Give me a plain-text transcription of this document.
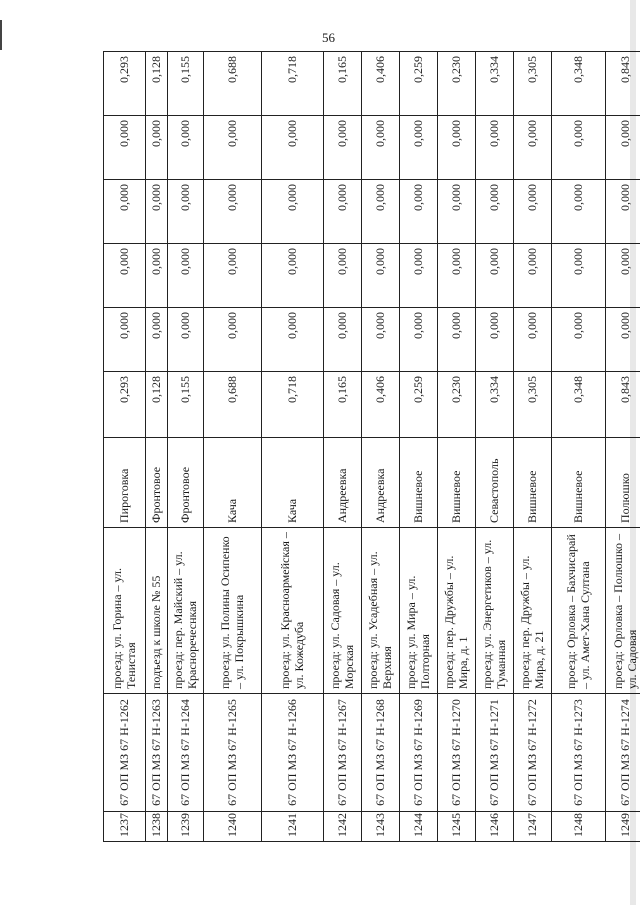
56
1237	67 ОП МЗ 67 Н-1262	проезд: ул. Горина – ул. Тенистая	Пироговка	0,293	0,000	0,000	0,000	0,000	0,293
1238	67 ОП МЗ 67 Н-1263	подъезд к школе № 55	Фронтовое	0,128	0,000	0,000	0,000	0,000	0,128
1239	67 ОП МЗ 67 Н-1264	проезд: пер. Майский – ул. Красноречеснкая	Фронтовое	0,155	0,000	0,000	0,000	0,000	0,155
1240	67 ОП МЗ 67 Н-1265	проезд: ул. Полины Осипенко – ул. Покрышкина	Кача	0,688	0,000	0,000	0,000	0,000	0,688
1241	67 ОП МЗ 67 Н-1266	проезд: ул. Красноармейская – ул. Кожедуба	Кача	0,718	0,000	0,000	0,000	0,000	0,718
1242	67 ОП МЗ 67 Н-1267	проезд: ул. Садовая – ул. Морская	Андреевка	0,165	0,000	0,000	0,000	0,000	0,165
1243	67 ОП МЗ 67 Н-1268	проезд: ул. Усадебная – ул. Верхняя	Андреевка	0,406	0,000	0,000	0,000	0,000	0,406
1244	67 ОП МЗ 67 Н-1269	проезд: ул. Мира – ул. Полторная	Вишневое	0,259	0,000	0,000	0,000	0,000	0,259
1245	67 ОП МЗ 67 Н-1270	проезд: пер. Дружбы – ул. Мира, д. 1	Вишневое	0,230	0,000	0,000	0,000	0,000	0,230
1246	67 ОП МЗ 67 Н-1271	проезд: ул. Энергетиков – ул. Туманная	Севастополь	0,334	0,000	0,000	0,000	0,000	0,334
1247	67 ОП МЗ 67 Н-1272	проезд: пер. Дружбы – ул. Мира, д. 21	Вишневое	0,305	0,000	0,000	0,000	0,000	0,305
1248	67 ОП МЗ 67 Н-1273	проезд: Орловка – Бахчисарай – ул. Амет-Хана Султана	Вишневое	0,348	0,000	0,000	0,000	0,000	0,348
1249	67 ОП МЗ 67 Н-1274	проезд: Орловка – Полюшко – ул. Садовая	Полюшко	0,843	0,000	0,000	0,000	0,000	0,843
